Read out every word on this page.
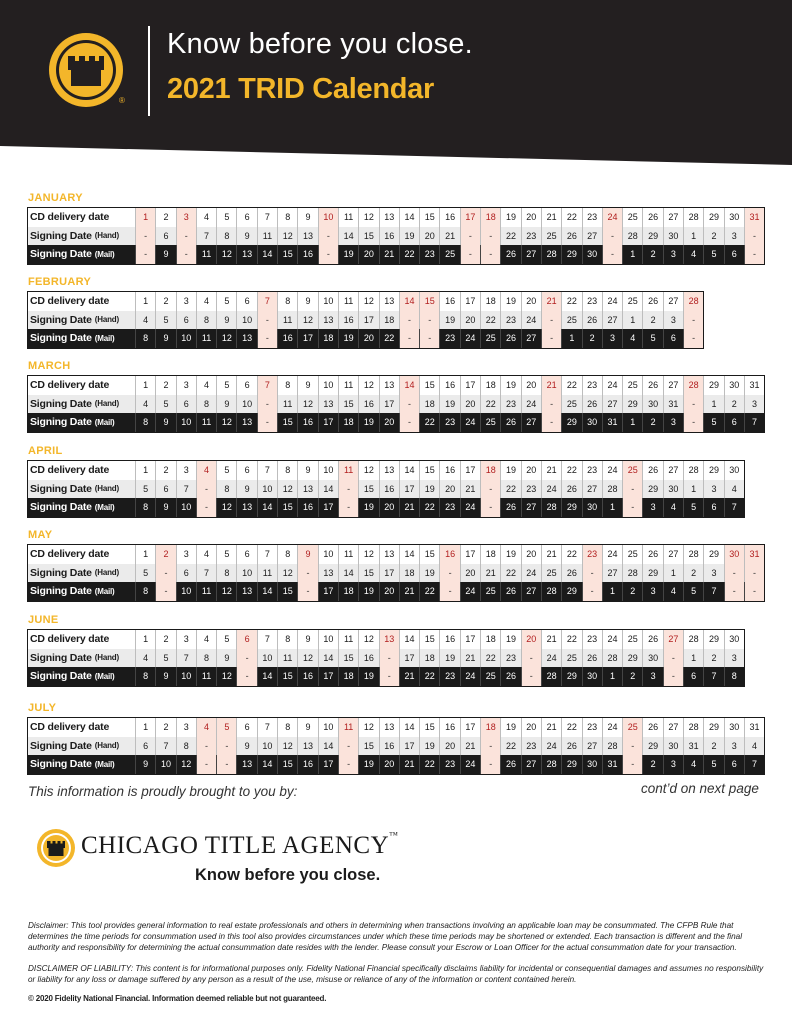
®
Know before you close.
2021 TRID Calendar
JANUARY
CD delivery date	1	2	3	4	5	6	7	8	9	10	11	12	13	14	15	16	17	18	19	20	21	22	23	24	25	26	27	28	29	30	31
Signing Date (Hand)	-	6	-	7	8	9	11	12	13	-	14	15	16	19	20	21	-	-	22	23	25	26	27	-	28	29	30	1	2	3	-
Signing Date (Mail)	-	9	-	11	12	13	14	15	16	-	19	20	21	22	23	25	-	-	26	27	28	29	30	-	1	2	3	4	5	6	-
FEBRUARY
CD delivery date	1	2	3	4	5	6	7	8	9	10	11	12	13	14	15	16	17	18	19	20	21	22	23	24	25	26	27	28
Signing Date (Hand)	4	5	6	8	9	10	-	11	12	13	16	17	18	-	-	19	20	22	23	24	-	25	26	27	1	2	3	-
Signing Date (Mail)	8	9	10	11	12	13	-	16	17	18	19	20	22	-	-	23	24	25	26	27	-	1	2	3	4	5	6	-
MARCH
CD delivery date	1	2	3	4	5	6	7	8	9	10	11	12	13	14	15	16	17	18	19	20	21	22	23	24	25	26	27	28	29	30	31
Signing Date (Hand)	4	5	6	8	9	10	-	11	12	13	15	16	17	-	18	19	20	22	23	24	-	25	26	27	29	30	31	-	1	2	3
Signing Date (Mail)	8	9	10	11	12	13	-	15	16	17	18	19	20	-	22	23	24	25	26	27	-	29	30	31	1	2	3	-	5	6	7
APRIL
CD delivery date	1	2	3	4	5	6	7	8	9	10	11	12	13	14	15	16	17	18	19	20	21	22	23	24	25	26	27	28	29	30
Signing Date (Hand)	5	6	7	-	8	9	10	12	13	14	-	15	16	17	19	20	21	-	22	23	24	26	27	28	-	29	30	1	3	4
Signing Date (Mail)	8	9	10	-	12	13	14	15	16	17	-	19	20	21	22	23	24	-	26	27	28	29	30	1	-	3	4	5	6	7
MAY
CD delivery date	1	2	3	4	5	6	7	8	9	10	11	12	13	14	15	16	17	18	19	20	21	22	23	24	25	26	27	28	29	30	31
Signing Date (Hand)	5	-	6	7	8	10	11	12	-	13	14	15	17	18	19	-	20	21	22	24	25	26	-	27	28	29	1	2	3	-	-
Signing Date (Mail)	8	-	10	11	12	13	14	15	-	17	18	19	20	21	22	-	24	25	26	27	28	29	-	1	2	3	4	5	7	-	-
JUNE
CD delivery date	1	2	3	4	5	6	7	8	9	10	11	12	13	14	15	16	17	18	19	20	21	22	23	24	25	26	27	28	29	30
Signing Date (Hand)	4	5	7	8	9	-	10	11	12	14	15	16	-	17	18	19	21	22	23	-	24	25	26	28	29	30	-	1	2	3
Signing Date (Mail)	8	9	10	11	12	-	14	15	16	17	18	19	-	21	22	23	24	25	26	-	28	29	30	1	2	3	-	6	7	8
JULY
CD delivery date	1	2	3	4	5	6	7	8	9	10	11	12	13	14	15	16	17	18	19	20	21	22	23	24	25	26	27	28	29	30	31
Signing Date (Hand)	6	7	8	-	-	9	10	12	13	14	-	15	16	17	19	20	21	-	22	23	24	26	27	28	-	29	30	31	2	3	4
Signing Date (Mail)	9	10	12	-	-	13	14	15	16	17	-	19	20	21	22	23	24	-	26	27	28	29	30	31	-	2	3	4	5	6	7
This information is proudly brought to you by:	cont’d on next page
CHICAGO TITLE AGENCY™
Know before you close.

Disclaimer: This tool provides general information to real estate professionals and others in determining when transactions involving an applicable loan may be consummated. The CFPB Rule that determines the time periods for consummation used in this tool also provides circumstances under which these time periods may be shortened or extended. Each transaction is different and the final authority and responsibility for determining the actual consummation date resides with the lender. Please consult your Escrow or Loan Officer for the actual consummation date for your transaction.

DISCLAIMER OF LIABILITY: This content is for informational purposes only. Fidelity National Financial specifically disclaims liability for incidental or consequential damages and assumes no responsibility or liability for any loss or damage suffered by any person as a result of the use, misuse or reliance of any of the information or content contained herein.

© 2020 Fidelity National Financial. Information deemed reliable but not guaranteed.
